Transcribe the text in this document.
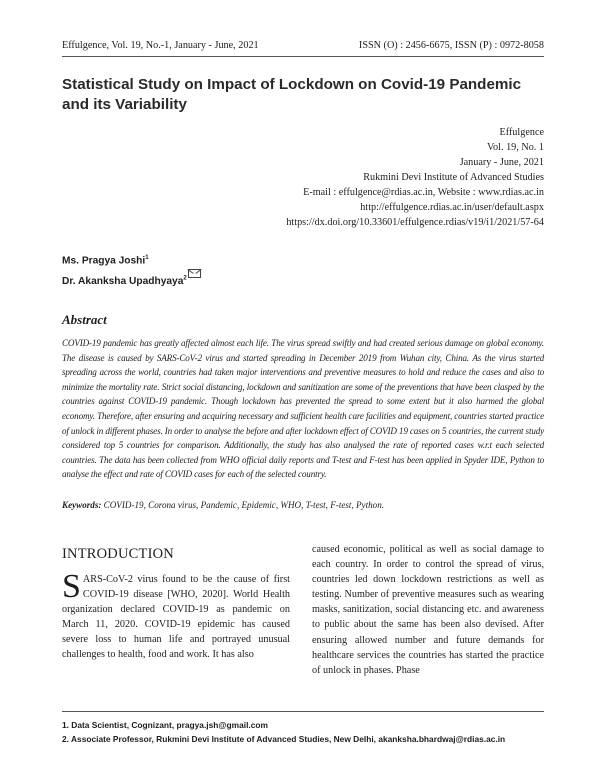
Effulgence, Vol. 19, No.-1, January - June, 2021	ISSN (O) : 2456-6675, ISSN (P) : 0972-8058
Statistical Study on Impact of Lockdown on Covid-19 Pandemic and its Variability
Effulgence
Vol. 19, No. 1
January - June, 2021
Rukmini Devi Institute of Advanced Studies
E-mail : effulgence@rdias.ac.in, Website : www.rdias.ac.in
http://effulgence.rdias.ac.in/user/default.aspx
https://dx.doi.org/10.33601/effulgence.rdias/v19/i1/2021/57-64
Ms. Pragya Joshi$^1$
Dr. Akanksha Upadhyaya$^2$
Abstract
COVID-19 pandemic has greatly affected almost each life. The virus spread swiftly and had created serious damage on global economy. The disease is caused by SARS-CoV-2 virus and started spreading in December 2019 from Wuhan city, China. As the virus started spreading across the world, countries had taken major interventions and preventive measures to hold and reduce the cases and also to minimize the mortality rate. Strict social distancing, lockdown and sanitization are some of the preventions that have been clasped by the countries against COVID-19 pandemic. Though lockdown has prevented the spread to some extent but it also harmed the global economy. Therefore, after ensuring and acquiring necessary and sufficient health care facilities and equipment, countries started practice of unlock in different phases. In order to analyse the before and after lockdown effect of COVID 19 cases on 5 countries, the current study considered top 5 countries for comparison. Additionally, the study has also analysed the rate of reported cases w.r.t each selected countries. The data has been collected from WHO official daily reports and T-test and F-test has been applied in Spyder IDE, Python to analyse the effect and rate of COVID cases for each of the selected country.
Keywords: COVID-19, Corona virus, Pandemic, Epidemic, WHO, T-test, F-test, Python.
INTRODUCTION
SARS-CoV-2 virus found to be the cause of first COVID-19 disease [WHO, 2020]. World Health organization declared COVID-19 as pandemic on March 11, 2020. COVID-19 epidemic has caused severe loss to human life and portrayed unusual challenges to health, food and work. It has also
caused economic, political as well as social damage to each country. In order to control the spread of virus, countries led down lockdown restrictions as well as testing. Number of preventive measures such as wearing masks, sanitization, social distancing etc. and awareness to public about the same has been also devised. After ensuring allowed number and future demands for healthcare services the countries has started the practice of unlock in phases. Phase
1. Data Scientist, Cognizant, pragya.jsh@gmail.com
2. Associate Professor, Rukmini Devi Institute of Advanced Studies, New Delhi, akanksha.bhardwaj@rdias.ac.in
